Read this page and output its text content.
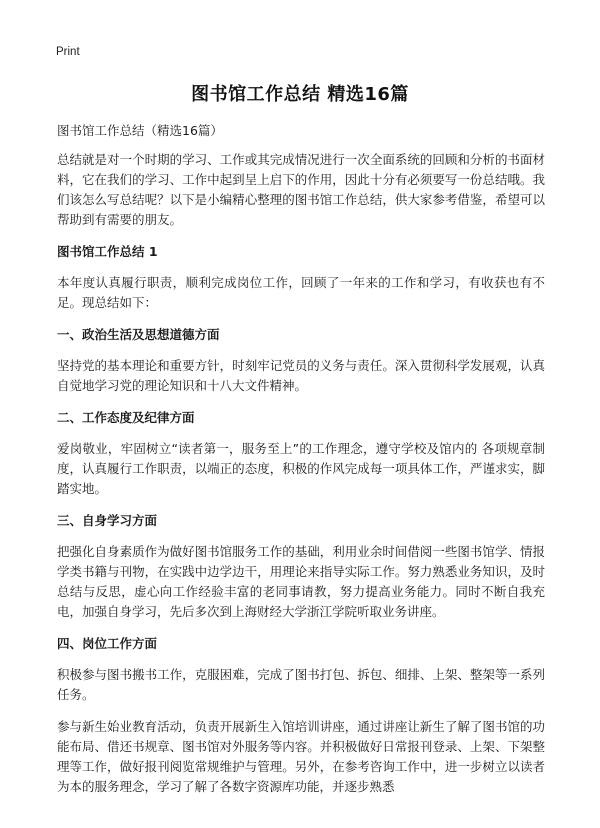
Print
图书馆工作总结 精选16篇

图书馆工作总结（精选16篇）

总结就是对一个时期的学习、工作或其完成情况进行一次全面系统的回顾和分析的书面材料，它在我们的学习、工作中起到呈上启下的作用，因此十分有必须要写一份总结哦。我们该怎么写总结呢？以下是小编精心整理的图书馆工作总结，供大家参考借鉴，希望可以帮助到有需要的朋友。

图书馆工作总结 1

本年度认真履行职责，顺利完成岗位工作，回顾了一年来的工作和学习，有收获也有不足。现总结如下：

一、政治生活及思想道德方面

坚持党的基本理论和重要方针，时刻牢记党员的义务与责任。深入贯彻科学发展观，认真自觉地学习党的理论知识和十八大文件精神。

二、工作态度及纪律方面

爱岗敬业，牢固树立“读者第一，服务至上”的工作理念，遵守学校及馆内的 各项规章制度，认真履行工作职责，以端正的态度，积极的作风完成每一项具体工作，严谨求实，脚踏实地。

三、自身学习方面

把强化自身素质作为做好图书馆服务工作的基础，利用业余时间借阅一些图书馆学、情报学类书籍与刊物，在实践中边学边干，用理论来指导实际工作。努力熟悉业务知识，及时总结与反思，虚心向工作经验丰富的老同事请教，努力提高业务能力。同时不断自我充电，加强自身学习，先后多次到上海财经大学浙江学院听取业务讲座。

四、岗位工作方面

积极参与图书搬书工作，克服困难，完成了图书打包、拆包、细排、上架、整架等一系列任务。

参与新生始业教育活动，负责开展新生入馆培训讲座，通过讲座让新生了解了图书馆的功能布局、借还书规章、图书馆对外服务等内容。并积极做好日常报刊登录、上架、下架整理等工作，做好报刊阅览常规维护与管理。另外，在参考咨询工作中，进一步树立以读者为本的服务理念，学习了解了各数字资源库功能，并逐步熟悉
